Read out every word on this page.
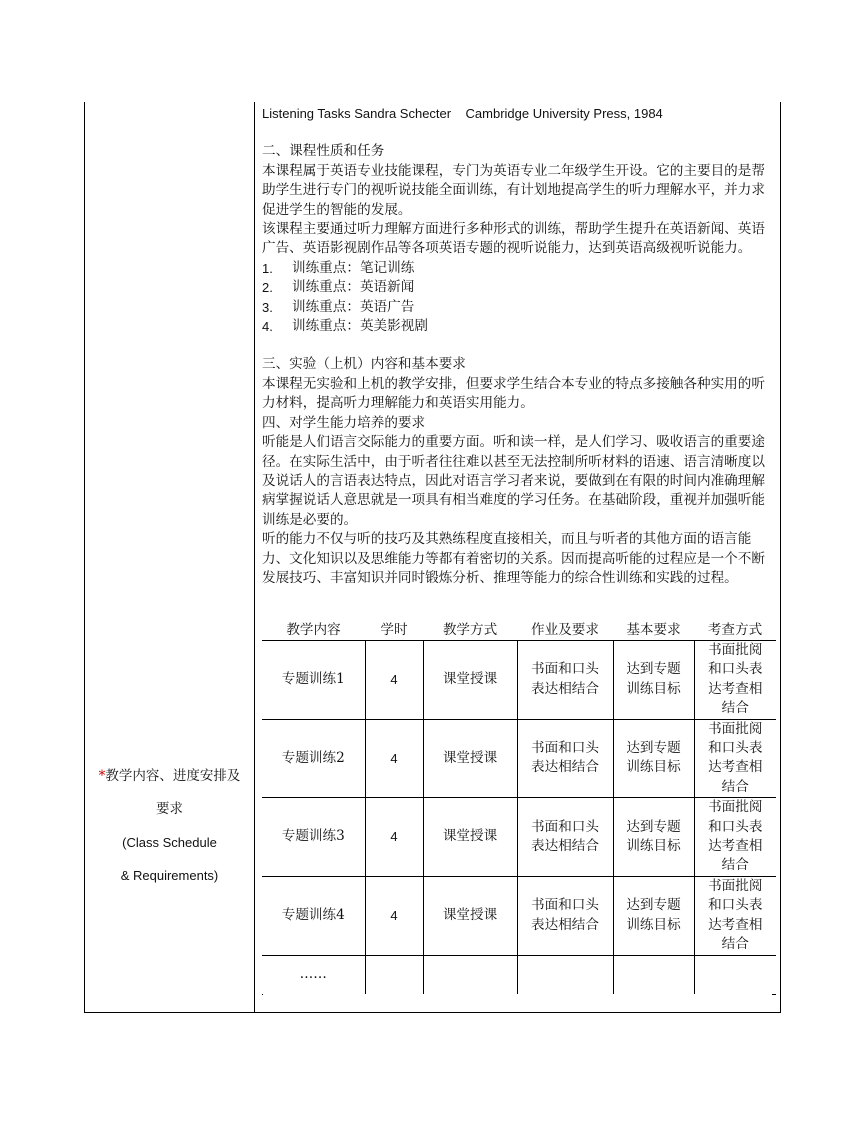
*教学内容、进度安排及
要求
(Class Schedule
& Requirements)

Listening Tasks Sandra Schecter    Cambridge University Press, 1984

二、课程性质和任务

本课程属于英语专业技能课程，专门为英语专业二年级学生开设。它的主要目的是帮助学生进行专门的视听说技能全面训练，有计划地提高学生的听力理解水平，并力求促进学生的智能的发展。

该课程主要通过听力理解方面进行多种形式的训练，帮助学生提升在英语新闻、英语广告、英语影视剧作品等各项英语专题的视听说能力，达到英语高级视听说能力。

1.	训练重点：笔记训练
2.	训练重点：英语新闻
3.	训练重点：英语广告
4.	训练重点：英美影视剧

三、实验（上机）内容和基本要求

本课程无实验和上机的教学安排，但要求学生结合本专业的特点多接触各种实用的听力材料，提高听力理解能力和英语实用能力。

四、对学生能力培养的要求

听能是人们语言交际能力的重要方面。听和读一样，是人们学习、吸收语言的重要途径。在实际生活中，由于听者往往难以甚至无法控制所听材料的语速、语言清晰度以及说话人的言语表达特点，因此对语言学习者来说，要做到在有限的时间内准确理解病掌握说话人意思就是一项具有相当难度的学习任务。在基础阶段，重视并加强听能训练是必要的。

听的能力不仅与听的技巧及其熟练程度直接相关，而且与听者的其他方面的语言能力、文化知识以及思维能力等都有着密切的关系。因而提高听能的过程应是一个不断发展技巧、丰富知识并同时锻炼分析、推理等能力的综合性训练和实践的过程。

教学内容	学时	教学方式	作业及要求	基本要求	考查方式
专题训练1	4	课堂授课	书面和口头表达相结合	达到专题训练目标	书面批阅和口头表达考查相结合
专题训练2	4	课堂授课	书面和口头表达相结合	达到专题训练目标	书面批阅和口头表达考查相结合
专题训练3	4	课堂授课	书面和口头表达相结合	达到专题训练目标	书面批阅和口头表达考查相结合
专题训练4	4	课堂授课	书面和口头表达相结合	达到专题训练目标	书面批阅和口头表达考查相结合
……					
